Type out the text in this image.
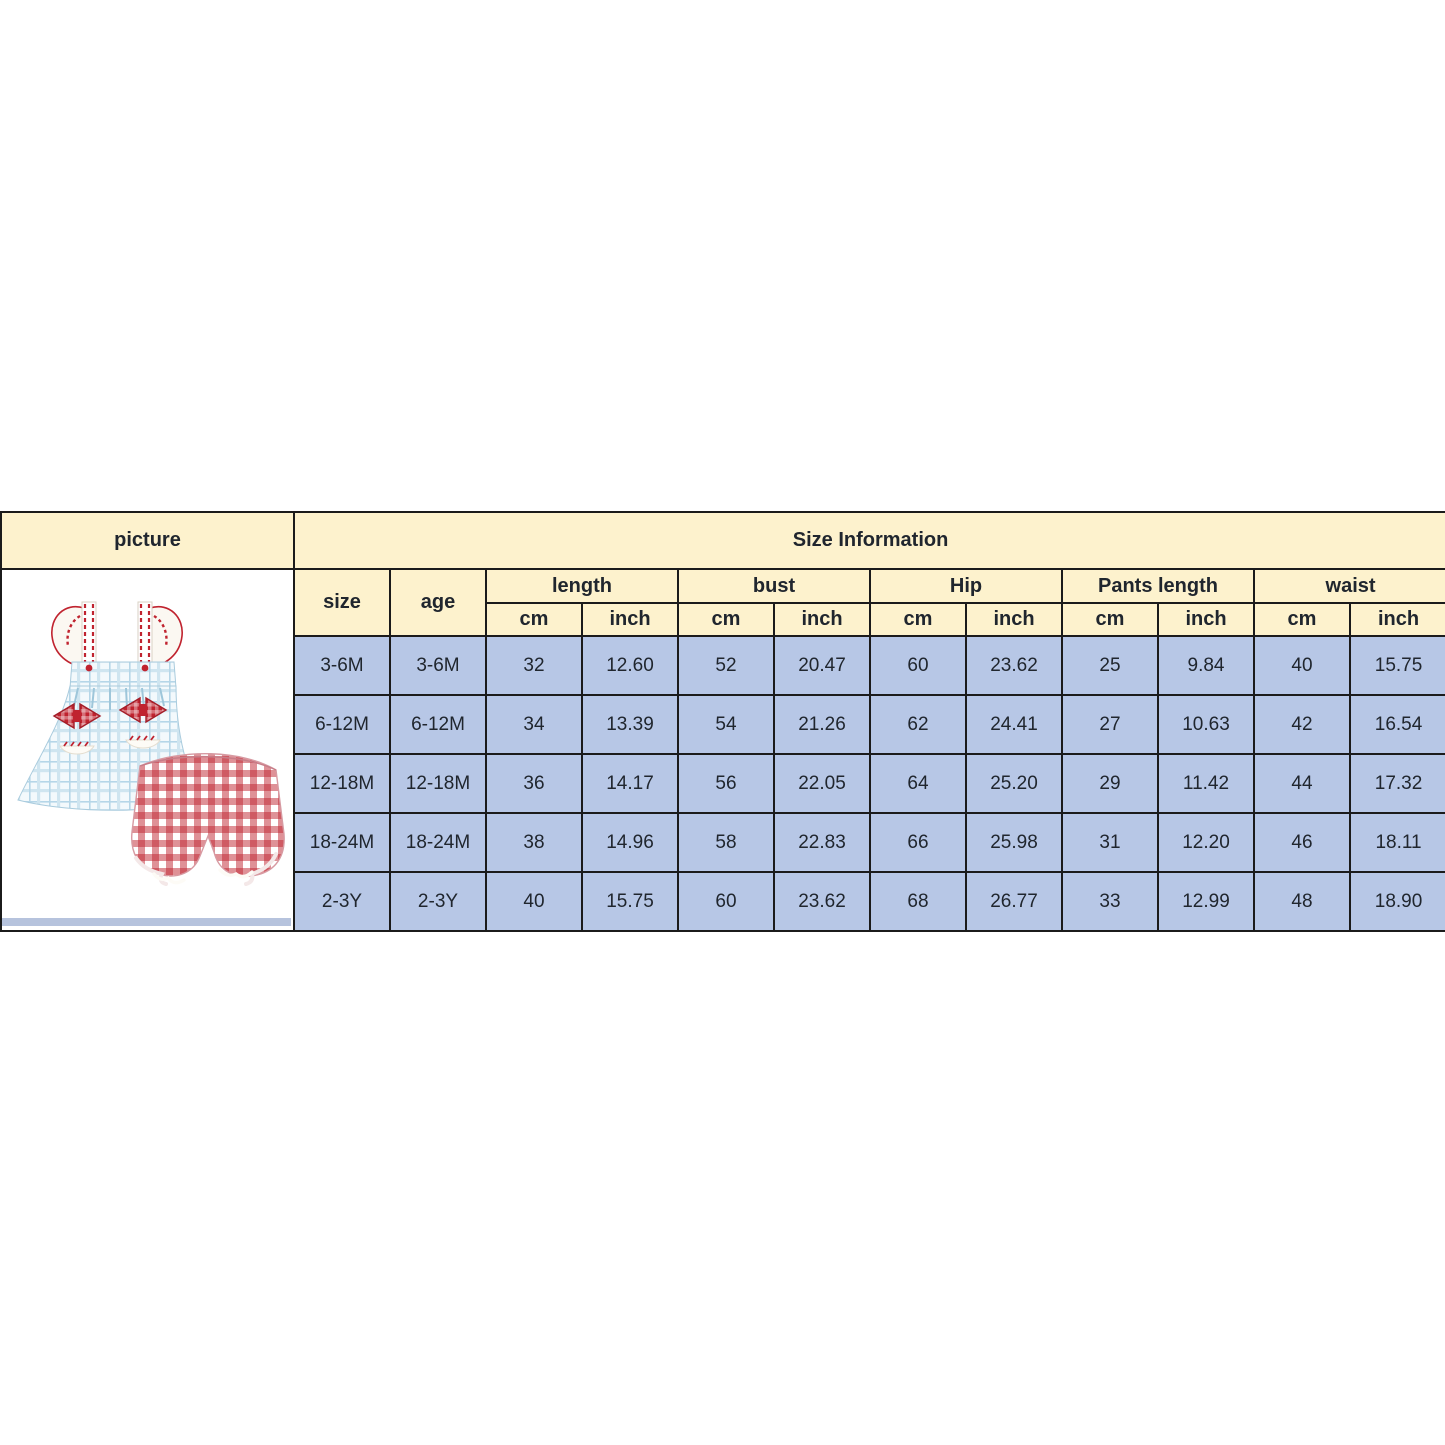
picture	Size Information											

	size	age	length		bust		Hip		Pants length		waist	
			cm	inch	cm	inch	cm	inch	cm	inch	cm	inch
	3-6M	3-6M	32	12.60	52	20.47	60	23.62	25	9.84	40	15.75
	6-12M	6-12M	34	13.39	54	21.26	62	24.41	27	10.63	42	16.54
	12-18M	12-18M	36	14.17	56	22.05	64	25.20	29	11.42	44	17.32
	18-24M	18-24M	38	14.96	58	22.83	66	25.98	31	12.20	46	18.11
	2-3Y	2-3Y	40	15.75	60	23.62	68	26.77	33	12.99	48	18.90
